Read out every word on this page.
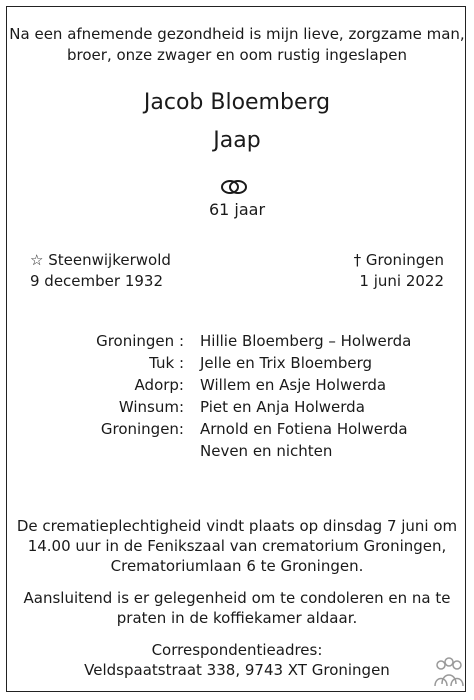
Na een afnemende gezondheid is mijn lieve, zorgzame man,
broer, onze zwager en oom rustig ingeslapen
Jacob Bloemberg
Jaap
61 jaar
☆ Steenwijkerwold
9 december 1932
† Groningen
1 juni 2022
Groningen : Hillie Bloemberg – Holwerda
Tuk : Jelle en Trix Bloemberg
Adorp: Willem en Asje Holwerda
Winsum: Piet en Anja Holwerda
Groningen: Arnold en Fotiena Holwerda
Neven en nichten
De crematieplechtigheid vindt plaats op dinsdag 7 juni om
14.00 uur in de Fenikszaal van crematorium Groningen,
Crematoriumlaan 6 te Groningen.
Aansluitend is er gelegenheid om te condoleren en na te
praten in de koffiekamer aldaar.
Correspondentieadres:
Veldspaatstraat 338, 9743 XT Groningen
